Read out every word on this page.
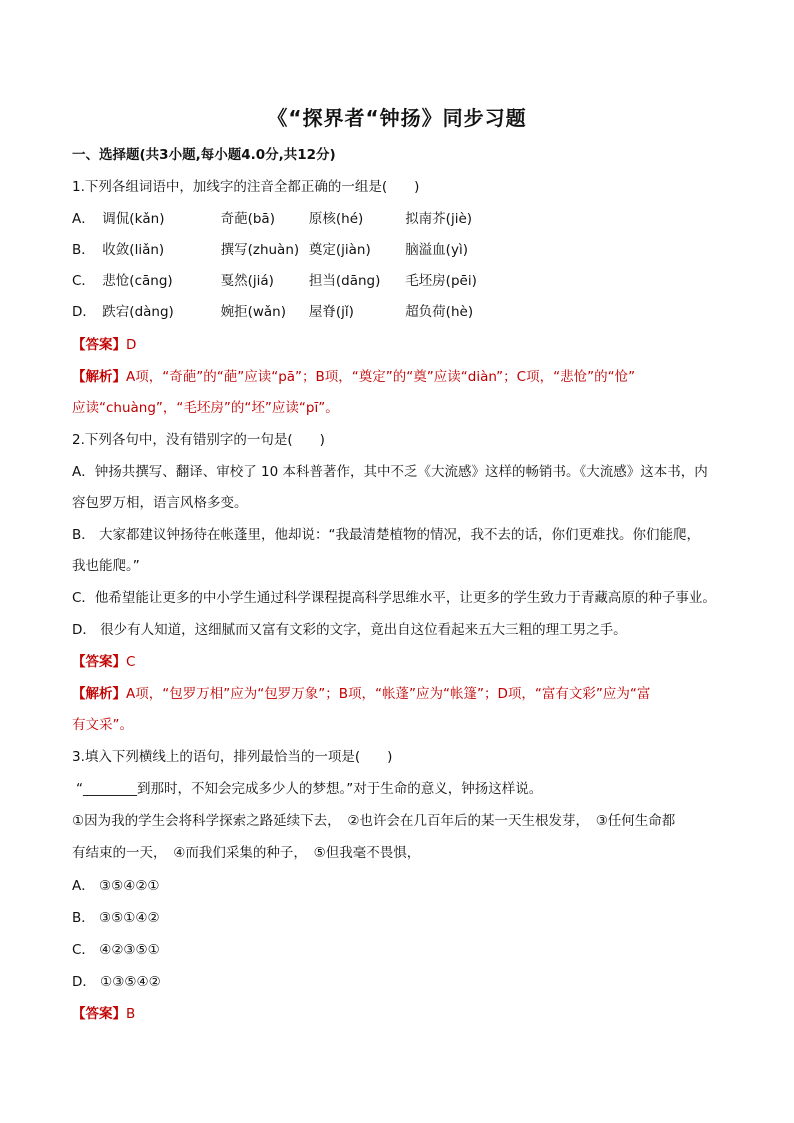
《“探界者“钟扬》同步习题
一、选择题(共3小题,每小题4.0分,共12分)
1.下列各组词语中，加线字的注音全都正确的一组是(　　)
A． 调侃(kǎn)	奇葩(bā)	原核(hé)	拟南芥(jiè)
B． 收敛(liǎn)	撰写(zhuàn) 奠定(jiàn)	脑溢血(yì)
C． 悲怆(cāng)	戛然(jiá)	担当(dāng) 毛坯房(pēi)
D． 跌宕(dàng)	婉拒(wǎn) 屋脊(jǐ)	超负荷(hè)
【答案】D
【解析】A项，“奇葩”的“葩”应读“pā”；B项，“奠定”的“奠”应读“diàn”；C项，“悲怆”的“怆”
应读“chuàng”，“毛坯房”的“坯”应读“pī”。
2.下列各句中，没有错别字的一句是(　　)
A．钟扬共撰写、翻译、审校了 10 本科普著作，其中不乏《大流感》这样的畅销书。《大流感》这本书，内
容包罗万相，语言风格多变。
B． 大家都建议钟扬待在帐蓬里，他却说：“我最清楚植物的情况，我不去的话，你们更难找。你们能爬，
我也能爬。”
C．他希望能让更多的中小学生通过科学课程提高科学思维水平，让更多的学生致力于青藏高原的种子事业。
D． 很少有人知道，这细腻而又富有文彩的文字，竟出自这位看起来五大三粗的理工男之手。
【答案】C
【解析】A项，“包罗万相”应为“包罗万象”；B项，“帐蓬”应为“帐篷”；D项，“富有文彩”应为“富
有文采”。
3.填入下列横线上的语句，排列最恰当的一项是(　　)
“________到那时，不知会完成多少人的梦想。”对于生命的意义，钟扬这样说。
①因为我的学生会将科学探索之路延续下去，　②也许会在几百年后的某一天生根发芽，　③任何生命都
有结束的一天，　④而我们采集的种子，　⑤但我毫不畏惧，
A． ③⑤④②①
B． ③⑤①④②
C． ④②③⑤①
D． ①③⑤④②
【答案】B
